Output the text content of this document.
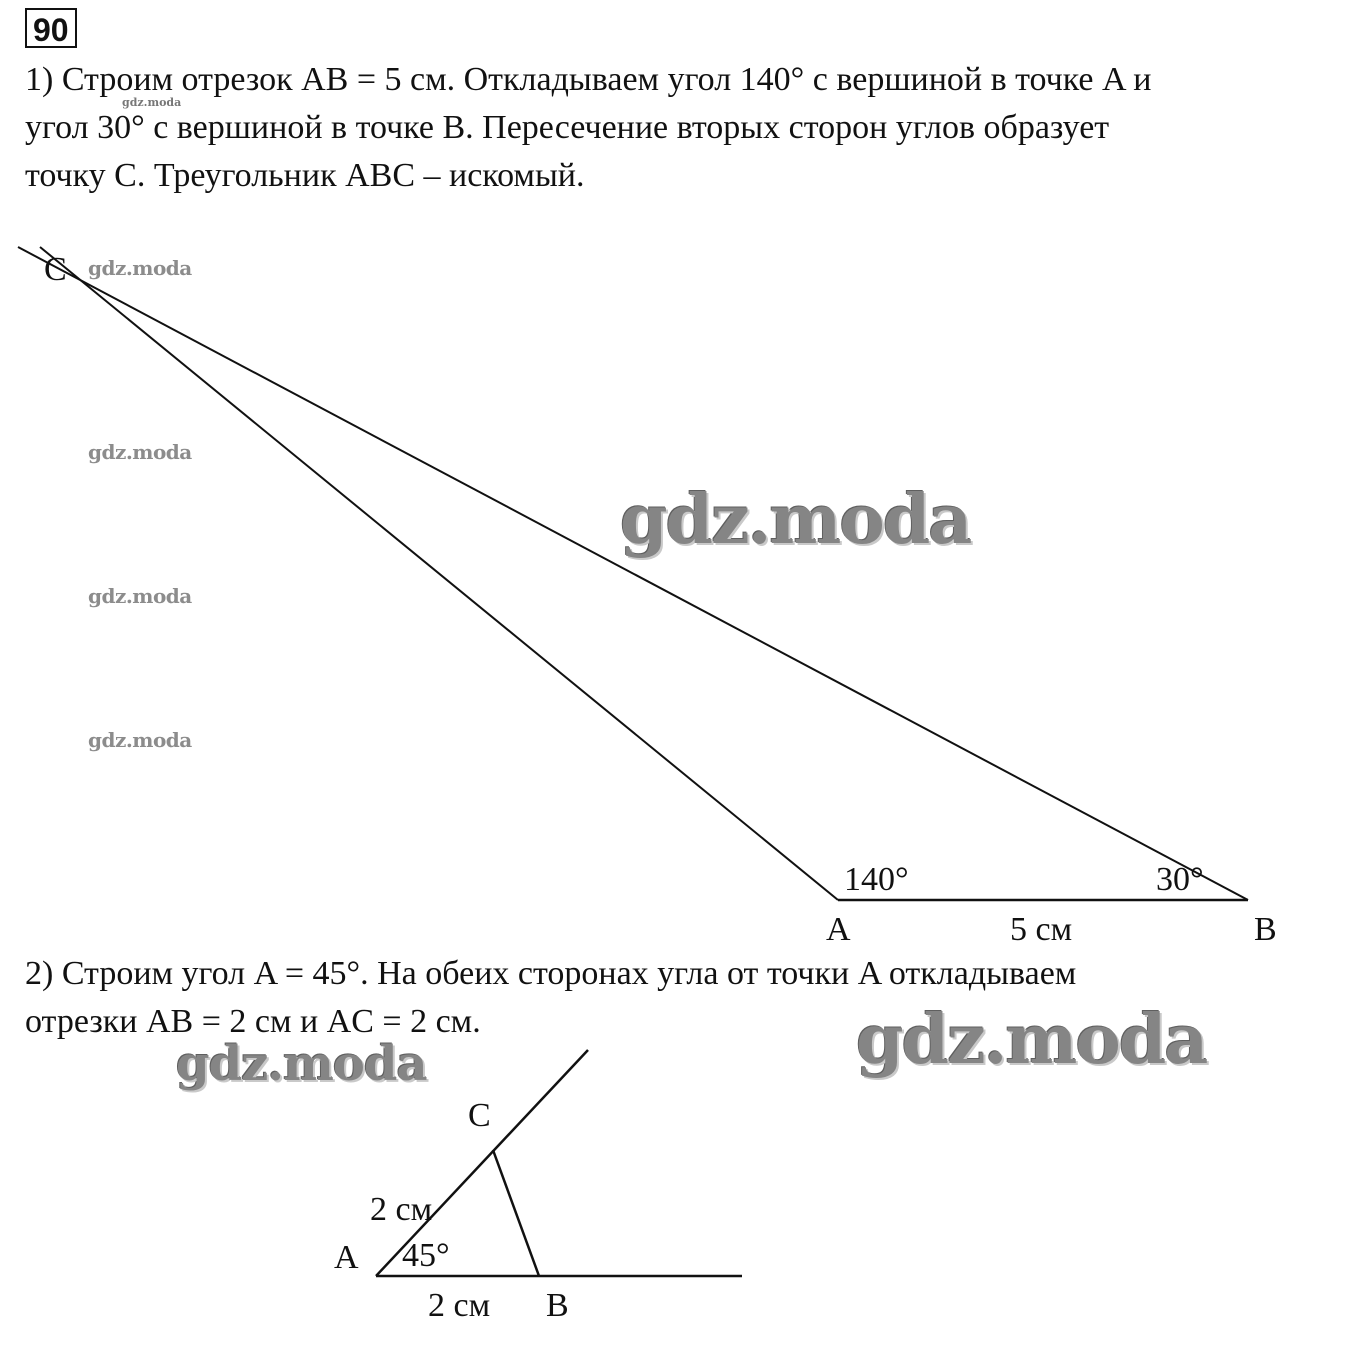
90
1) Строим отрезок AB = 5 см. Откладываем угол 140° с вершиной в точке A и
угол 30° с вершиной в точке B. Пересечение вторых сторон углов образует
точку C. Треугольник ABC – искомый.
C
A	B
140°	30°
5 см
2) Строим угол A = 45°. На обеих сторонах угла от точки A откладываем
отрезки AB = 2 см и AC = 2 см.
C
A
B
45°
2 см
2 см
gdz.moda
gdz.moda
gdz.moda
gdz.moda
gdz.moda
gdz.moda
gdz.moda
gdz.moda
